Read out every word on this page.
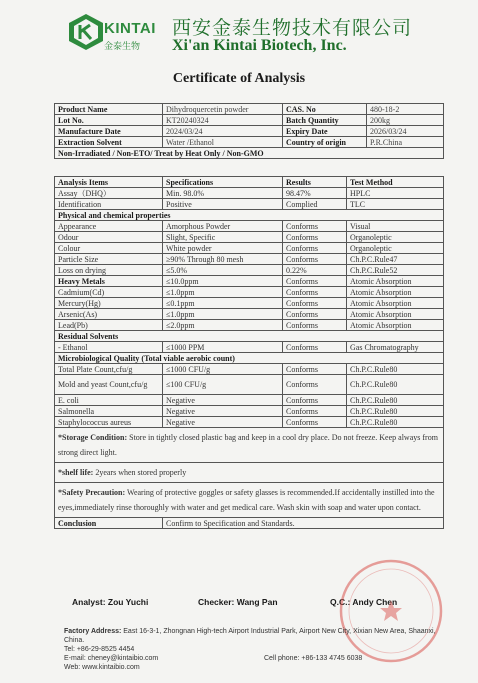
KINTAI
金泰生物
西安金泰生物技术有限公司
Xi'an Kintai Biotech, Inc.
Certificate of Analysis
Product Name	Dihydroquercetin powder	CAS. No	480-18-2
Lot No.	KT20240324	Batch Quantity	200kg
Manufacture Date	2024/03/24	Expiry Date	2026/03/24
Extraction Solvent	Water /Ethanol	Country of origin	P.R.China
Non-Irradiated / Non-ETO/ Treat by Heat Only / Non-GMO			
Analysis Items	Specifications	Results	Test Method
Assay（DHQ）	Min. 98.0%	98.47%	HPLC
Identification	Positive	Complied	TLC
Physical and chemical properties			
Appearance	Amorphous Powder	Conforms	Visual
Odour	Slight, Specific	Conforms	Organoleptic
Colour	White powder	Conforms	Organoleptic
Particle Size	≥90% Through 80 mesh	Conforms	Ch.P.C.Rule47
Loss on drying	≤5.0%	0.22%	Ch.P.C.Rule52
Heavy Metals	≤10.0ppm	Conforms	Atomic Absorption
Cadmium(Cd)	≤1.0ppm	Conforms	Atomic Absorption
Mercury(Hg)	≤0.1ppm	Conforms	Atomic Absorption
Arsenic(As)	≤1.0ppm	Conforms	Atomic Absorption
Lead(Pb)	≤2.0ppm	Conforms	Atomic Absorption
Residual Solvents			
- Ethanol	≤1000 PPM	Conforms	Gas Chromatography
Microbiological Quality (Total viable aerobic count)			
Total Plate Count,cfu/g	≤1000 CFU/g	Conforms	Ch.P.C.Rule80
Mold and yeast Count,cfu/g	≤100 CFU/g	Conforms	Ch.P.C.Rule80
E. coli	Negative	Conforms	Ch.P.C.Rule80
Salmonella	Negative	Conforms	Ch.P.C.Rule80
Staphylococcus aureus	Negative	Conforms	Ch.P.C.Rule80
*Storage Condition: Store in tightly closed plastic bag and keep in a cool dry place. Do not freeze. Keep always from strong direct light.			
*shelf life: 2years when stored properly			
*Safety Precaution: Wearing of protective goggles or safety glasses is recommended.If accidentally instilled into the eyes,immediately rinse thoroughly with water and get medical care. Wash skin with soap and water upon contact.			
Conclusion	Confirm to Specification and Standards.		
Analyst: Zou Yuchi	Checker: Wang Pan	Q.C.: Andy Chen
Factory Address: East 16-3-1, Zhongnan High-tech Airport Industrial Park, Airport New City, Xixian New Area, Shaanxi, China.
Tel: +86-29-8525 4454
E-mail: cheney@kintaibio.com	Cell phone: +86-133 4745 6038
Web: www.kintaibio.com
